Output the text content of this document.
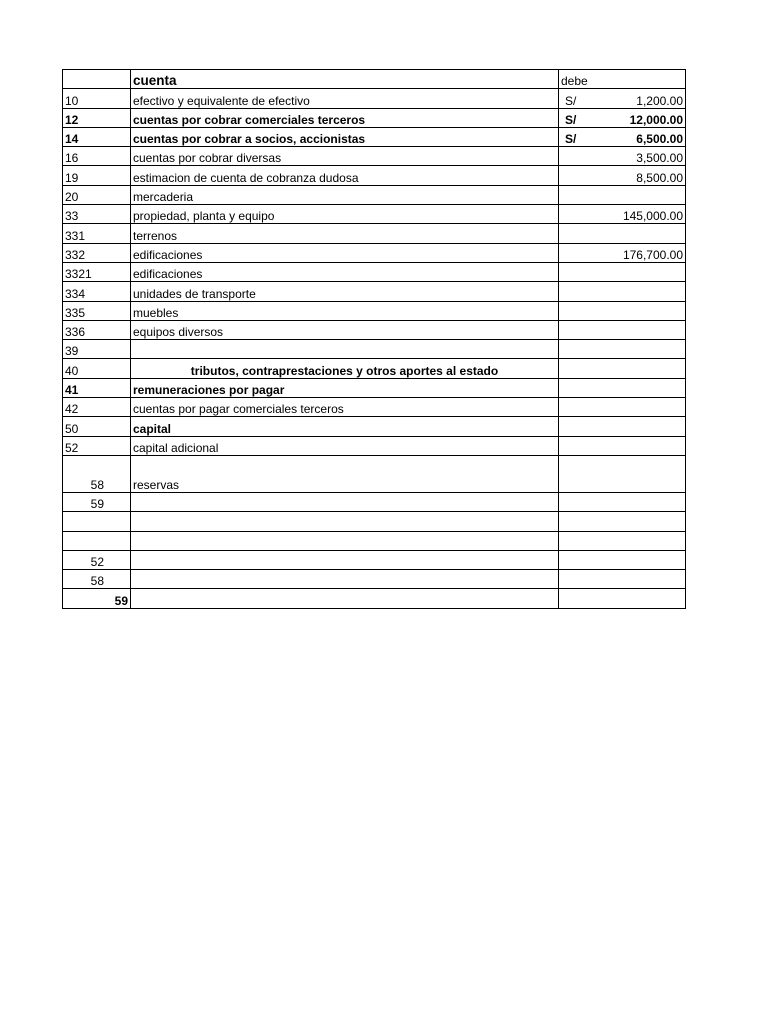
	cuenta	debe
10	efectivo y equivalente de efectivo	S/ 1,200.00

12	cuentas por cobrar comerciales terceros	S/ 12,000.00

14	cuentas por cobrar a socios, accionistas	S/ 6,500.00

16	cuentas por cobrar diversas	3,500.00

19	estimacion de cuenta de cobranza dudosa	8,500.00

20	mercaderia	

33	propiedad, planta y equipo	145,000.00

331	terrenos	

332	edificaciones	176,700.00

3321	edificaciones	

334	unidades de transporte	

335	muebles	

336	equipos diversos	

39		

40	tributos, contraprestaciones y otros aportes al estado	

41	remuneraciones por pagar	

42	cuentas por pagar comerciales terceros	

50	capital	

52	capital adicional	

58	reservas	

59		

52		

58		

59		
